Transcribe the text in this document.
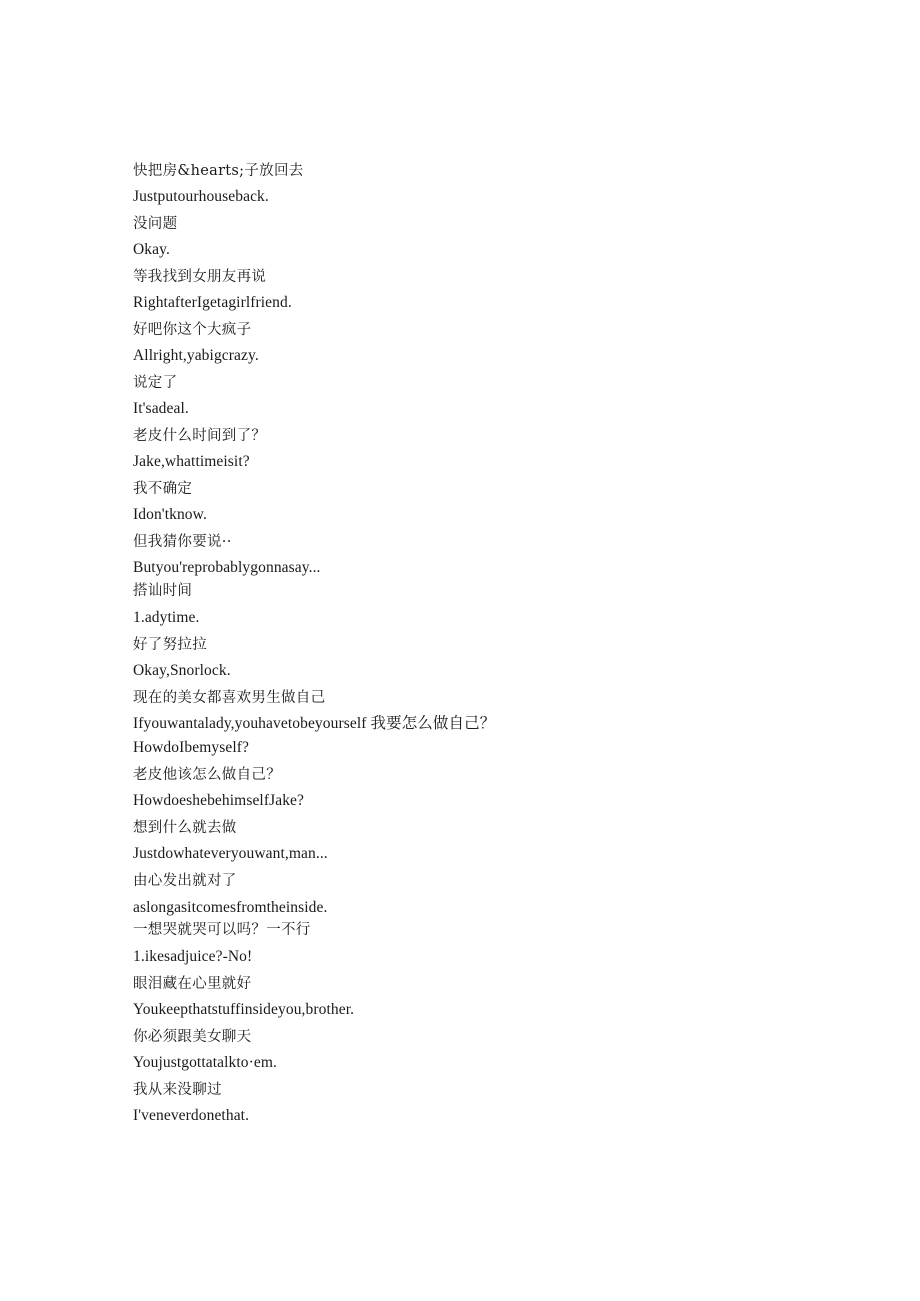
快把房&hearts;子放回去
Justputourhouseback.
没问题
Okay.
等我找到女朋友再说
RightafterIgetagirlfriend.
好吧你这个大疯子
Allright,yabigcrazy.
说定了
It'sadeal.
老皮什么时间到了？
Jake,whattimeisit?
我不确定
Idon'tknow.
但我猜你要说··
Butyou'reprobablygonnasay...
搭讪时间
1.adytime.
好了努拉拉
Okay,Snorlock.
现在的美女都喜欢男生做自己
Ifyouwantalady,youhavetobeyourself 我要怎么做自己？
HowdoIbemyself?
老皮他该怎么做自己？
HowdoeshebehimselfJake?
想到什么就去做
Justdowhateveryouwant,man...
由心发出就对了
aslongasitcomesfromtheinside.
一想哭就哭可以吗？一不行
1.ikesadjuice?-No!
眼泪藏在心里就好
Youkeepthatstuffinsideyou,brother.
你必须跟美女聊天
Youjustgottatalkto·em.
我从来没聊过
I'veneverdonethat.
